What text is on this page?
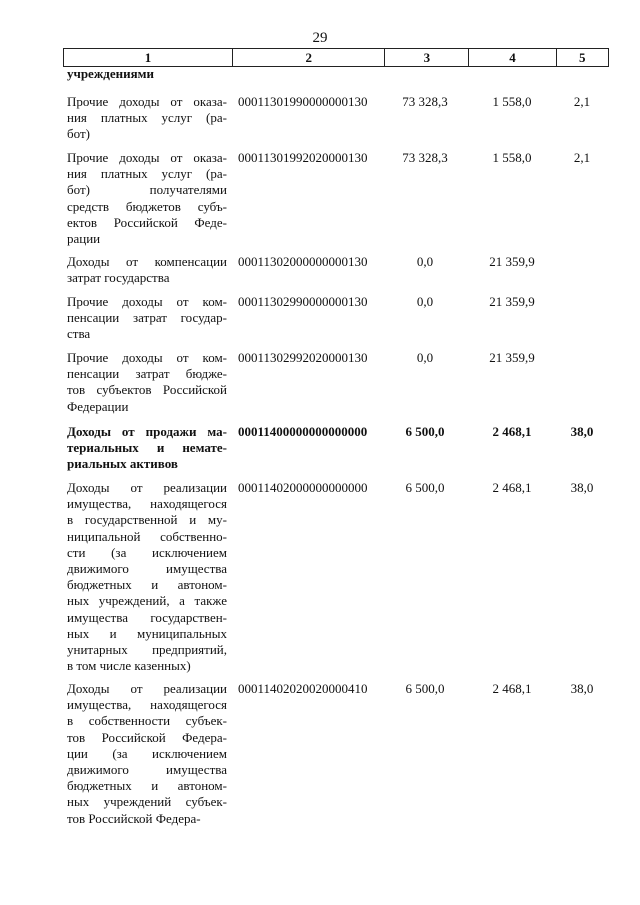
29
1	2	3	4	5
учреждениями
Прочие доходы от оказа-
ния платных услуг (ра-
бот)
00011301990000000130	73 328,3	1 558,0	2,1
Прочие доходы от оказа-
ния платных услуг (ра-
бот) получателями
средств бюджетов субъ-
ектов Российской Феде-
рации
00011301992020000130	73 328,3	1 558,0	2,1
Доходы от компенсации
затрат государства
00011302000000000130	0,0	21 359,9
Прочие доходы от ком-
пенсации затрат государ-
ства
00011302990000000130	0,0	21 359,9
Прочие доходы от ком-
пенсации затрат бюдже-
тов субъектов Российской
Федерации
00011302992020000130	0,0	21 359,9
Доходы от продажи ма-
териальных и немате-
риальных активов
00011400000000000000	6 500,0	2 468,1	38,0
Доходы от реализации
имущества, находящегося
в государственной и му-
ниципальной собственно-
сти (за исключением
движимого имущества
бюджетных и автоном-
ных учреждений, а также
имущества государствен-
ных и муниципальных
унитарных предприятий,
в том числе казенных)
00011402000000000000	6 500,0	2 468,1	38,0
Доходы от реализации
имущества, находящегося
в собственности субъек-
тов Российской Федера-
ции (за исключением
движимого имущества
бюджетных и автоном-
ных учреждений субъек-
тов Российской Федера-
00011402020020000410	6 500,0	2 468,1	38,0
